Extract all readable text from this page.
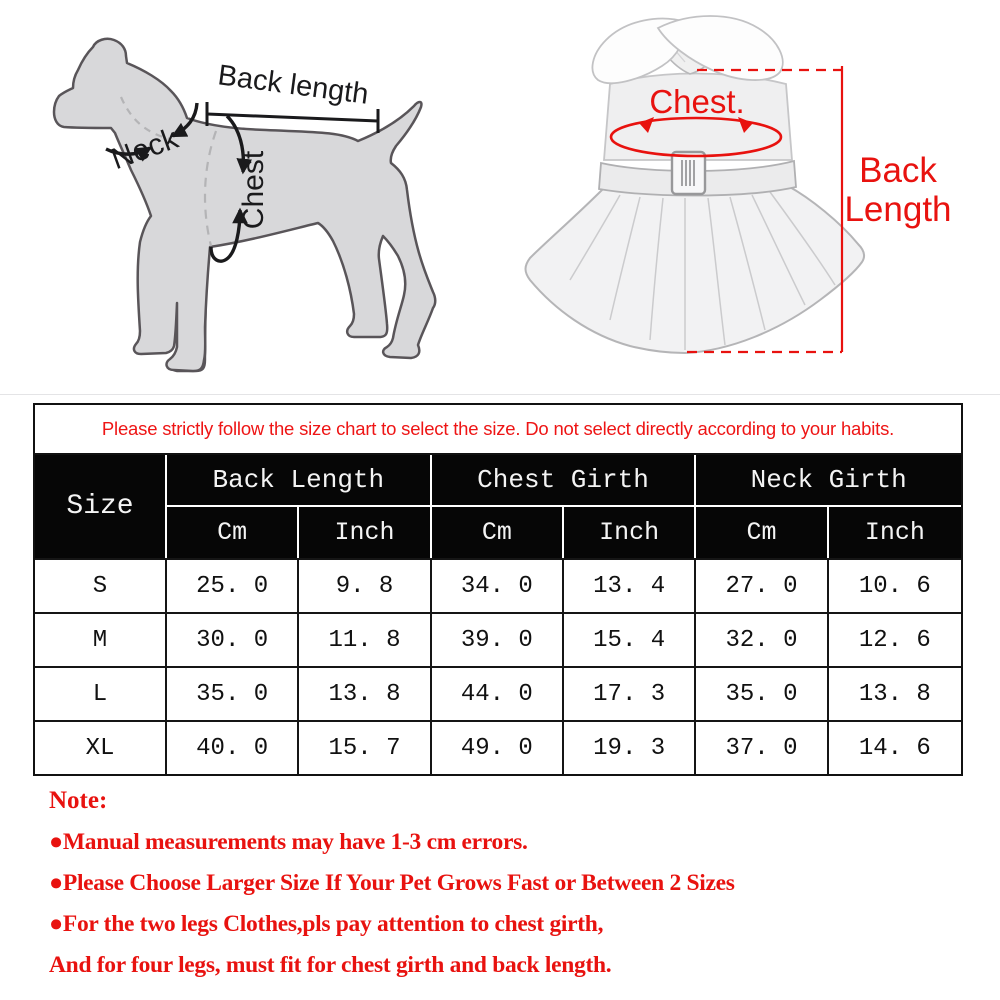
Back length
Neck
Chest
Chest.
Back
Length
Please strictly follow the size chart to select the size. Do not select directly according to your habits.
Size
Back Length	Chest Girth	Neck Girth
Cm	Inch	Cm	Inch	Cm	Inch
S	25. 0	9. 8	34. 0	13. 4	27. 0	10. 6
M	30. 0	11. 8	39. 0	15. 4	32. 0	12. 6
L	35. 0	13. 8	44. 0	17. 3	35. 0	13. 8
XL	40. 0	15. 7	49. 0	19. 3	37. 0	14. 6
Note:
●Manual measurements may have 1-3 cm errors.
●Please Choose Larger Size If Your Pet Grows Fast or Between 2 Sizes
●For the two legs Clothes,pls pay attention to chest girth,
And for four legs, must fit for chest girth and back length.
